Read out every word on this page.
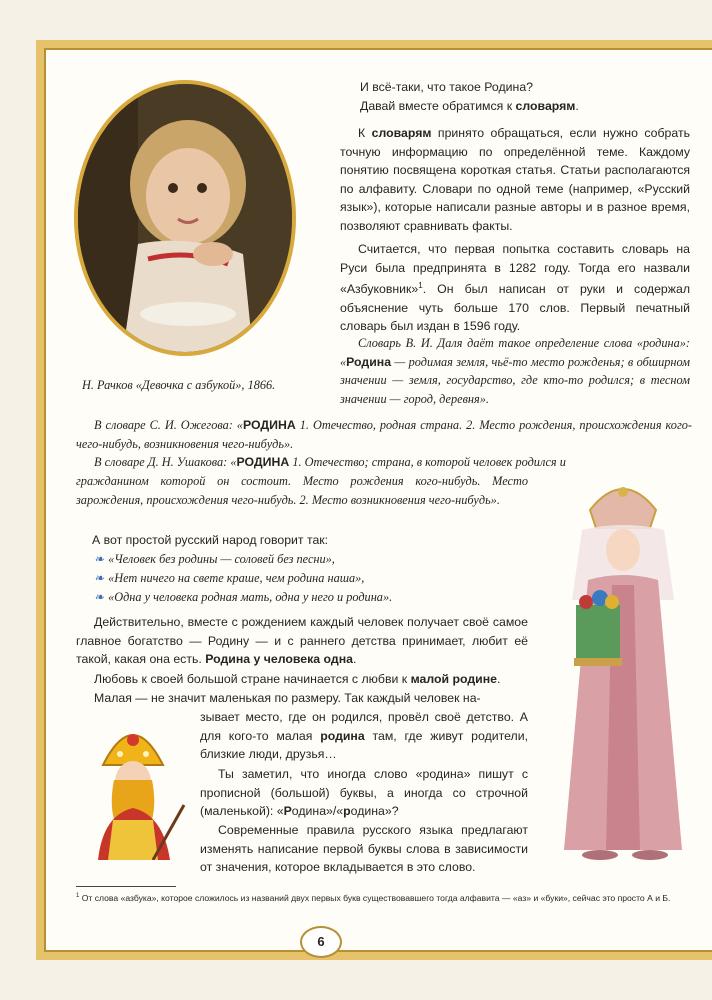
Н. Рачков «Девочка с азбукой», 1866.

И всё-таки, что такое Родина?

Давай вместе обратимся к словарям.

К словарям принято обращаться, если нужно собрать точную информацию по определённой теме. Каждому понятию посвящена короткая статья. Статьи располагаются по алфавиту. Словари по одной теме (например, «Русский язык»), которые написали разные авторы и в разное время, позволяют сравнивать факты.

Считается, что первая попытка составить словарь на Руси была предпринята в 1282 году. Тогда его назвали «Азбуковник»$^1$. Он был написан от руки и содержал объяснение чуть больше 170 слов. Первый печатный словарь был издан в 1596 году.

Словарь В. И. Даля даёт такое определение слова «родина»: «Родина — родимая земля, чьё-то место рожденья; в обширном значении — земля, государство, где кто-то родился; в тесном значении — город, деревня».

В словаре С. И. Ожегова: «РОДИНА 1. Отечество, родная страна. 2. Место рождения, происхождения кого-чего-нибудь, возникновения чего-нибудь».

В словаре Д. Н. Ушакова: «РОДИНА 1. Отечество; страна, в которой человек родился и

гражданином которой он состоит. Место рождения кого-нибудь. Место зарождения, происхождения чего-нибудь. 2. Место возникновения чего-нибудь».

А вот простой русский народ говорит так:

❧ «Человек без родины — соловей без песни»,

❧ «Нет ничего на свете краше, чем родина наша»,

❧ «Одна у человека родная мать, одна у него и родина».

Действительно, вместе с рождением каждый человек получает своё самое главное богатство — Родину — и с раннего детства принимает, любит её такой, какая она есть. Родина у человека одна.

Любовь к своей большой стране начинается с любви к малой родине.

Малая — не значит маленькая по размеру. Так каждый человек на-

зывает место, где он родился, провёл своё детство. А для кого-то малая родина там, где живут родители, близкие люди, друзья…

Ты заметил, что иногда слово «родина» пишут с прописной (большой) буквы, а иногда со строчной (маленькой): «Родина»/«родина»?

Современные правила русского языка предлагают изменять написание первой буквы слова в зависимости от значения, которое вкладывается в это слово.

$^1$ От слова «азбука», которое сложилось из названий двух первых букв существовавшего тогда алфавита — «аз» и «буки», сейчас это просто А и Б.

6
